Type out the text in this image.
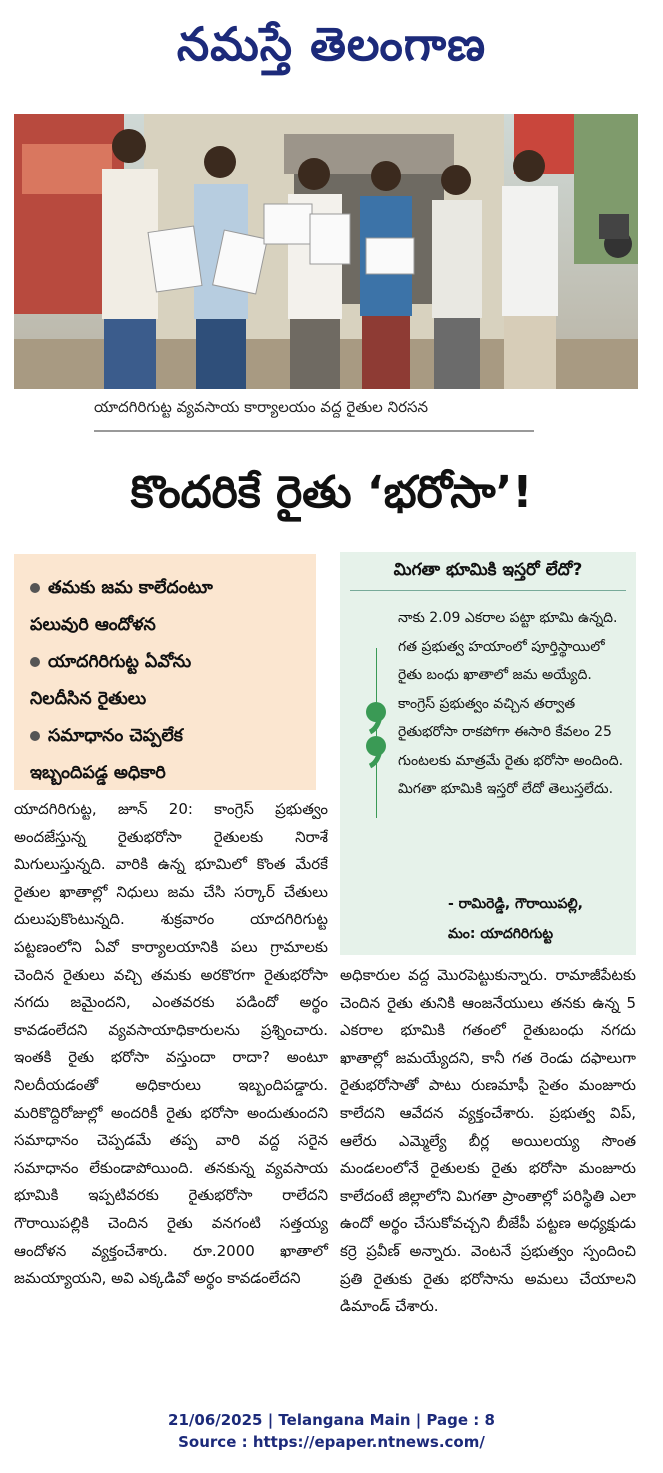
నమస్తే తెలంగాణ
యాదగిరిగుట్ట వ్యవసాయ కార్యాలయం వద్ద రైతుల నిరసన
కొందరికే రైతు ‘భరోసా’!
తమకు జమ కాలేదంటూ
పలువురి ఆందోళన
యాదగిరిగుట్ట ఏవోను
నిలదీసిన రైతులు
సమాధానం చెప్పలేక
ఇబ్బందిపడ్డ అధికారి
మిగతా భూమికి ఇస్తరో లేదో?
నాకు 2.09 ఎకరాల పట్టా భూమి ఉన్నది. గత ప్రభుత్వ హయాంలో పూర్తిస్థాయిలో రైతు బంధు ఖాతాలో జమ అయ్యేది. కాంగ్రెస్ ప్రభుత్వం వచ్చిన తర్వాత రైతుభరోసా రాకపోగా ఈసారి కేవలం 25 గుంటలకు మాత్రమే రైతు భరోసా అందింది. మిగతా భూమికి ఇస్తరో లేదో తెలుస్తలేదు.
- రామిరెడ్డి, గౌరాయిపల్లి,
మం: యాదగిరిగుట్ట
యాదగిరిగుట్ట, జూన్ 20: కాంగ్రెస్ ప్రభుత్వం అందజేస్తున్న రైతుభరోసా రైతులకు నిరాశే మిగులుస్తున్నది. వారికి ఉన్న భూమిలో కొంత మేరకే రైతుల ఖాతాల్లో నిధులు జమ చేసి సర్కార్ చేతులు దులుపుకొంటున్నది. శుక్రవారం యాదగిరిగుట్ట పట్టణంలోని ఏవో కార్యాలయానికి పలు గ్రామాలకు చెందిన రైతులు వచ్చి తమకు అరకొరగా రైతుభరోసా నగదు జమైందని, ఎంతవరకు పడిందో అర్థం కావడంలేదని వ్యవసాయాధికారులను ప్రశ్నించారు. ఇంతకి రైతు భరోసా వస్తుందా రాదా? అంటూ నిలదీయడంతో అధికారులు ఇబ్బందిపడ్డారు. మరికొద్దిరోజుల్లో అందరికీ రైతు భరోసా అందుతుందని సమాధానం చెప్పడమే తప్ప వారి వద్ద సరైన సమాధానం లేకుండాపోయింది. తనకున్న వ్యవసాయ భూమికి ఇప్పటివరకు రైతుభరోసా రాలేదని గౌరాయిపల్లికి చెందిన రైతు వనగంటి సత్తయ్య ఆందోళన వ్యక్తంచేశారు. రూ.2000 ఖాతాలో జమయ్యాయని, అవి ఎక్కడివో అర్థం కావడంలేదని
అధికారుల వద్ద మొరపెట్టుకున్నారు. రామాజీపేటకు చెందిన రైతు తునికి ఆంజనేయులు తనకు ఉన్న 5 ఎకరాల భూమికి గతంలో రైతుబంధు నగదు ఖాతాల్లో జమయ్యేదని, కానీ గత రెండు దఫాలుగా రైతుభరోసాతో పాటు రుణమాఫీ సైతం మంజూరు కాలేదని ఆవేదన వ్యక్తంచేశారు. ప్రభుత్వ విప్, ఆలేరు ఎమ్మెల్యే బీర్ల అయిలయ్య సొంత మండలంలోనే రైతులకు రైతు భరోసా మంజూరు కాలేదంటే జిల్లాలోని మిగతా ప్రాంతాల్లో పరిస్థితి ఎలా ఉందో అర్థం చేసుకోవచ్చని బీజేపీ పట్టణ అధ్యక్షుడు కర్రె ప్రవీణ్ అన్నారు. వెంటనే ప్రభుత్వం స్పందించి ప్రతి రైతుకు రైతు భరోసాను అమలు చేయాలని డిమాండ్ చేశారు.
21/06/2025 | Telangana Main | Page : 8
Source : https://epaper.ntnews.com/
